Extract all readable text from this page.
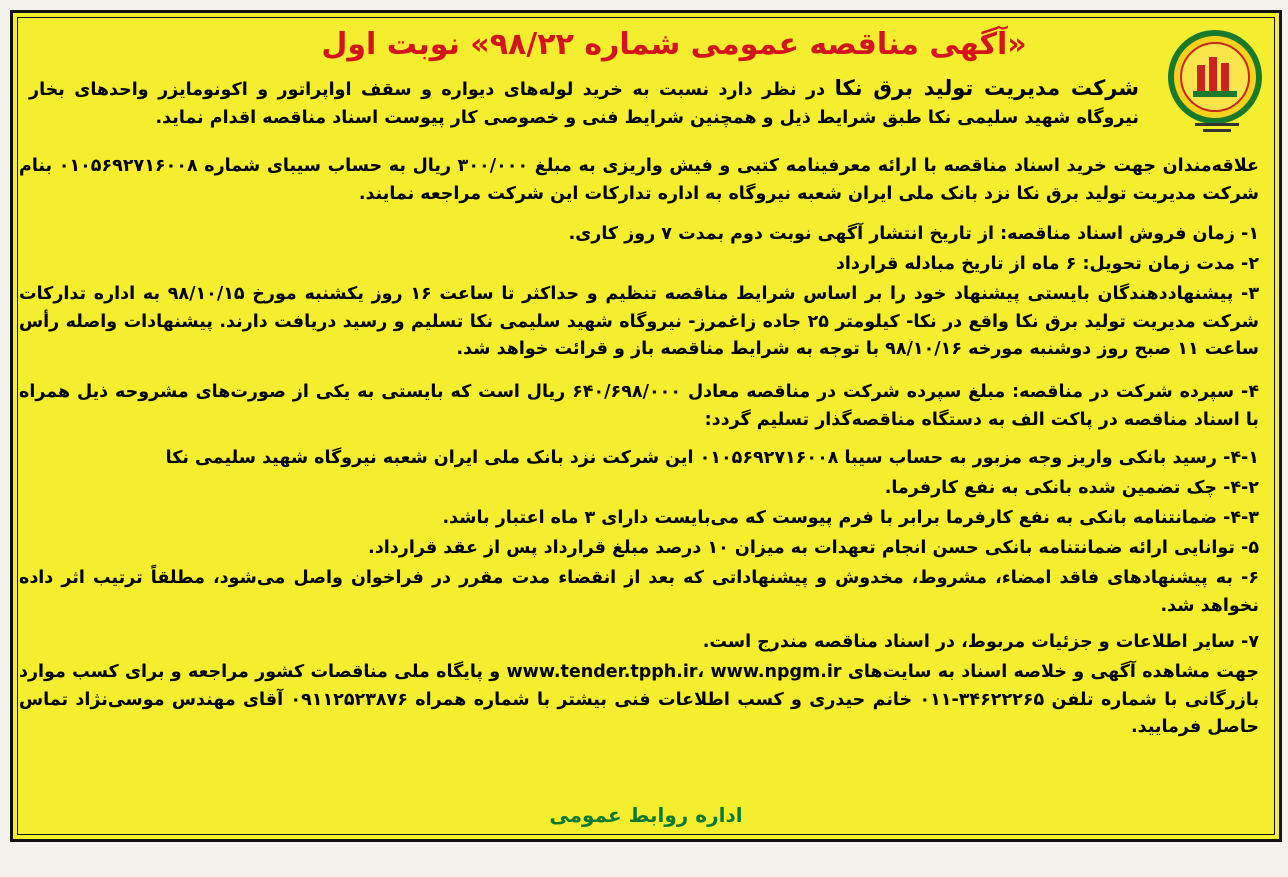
«آگهی مناقصه عمومی شماره ۹۸/۲۲» نوبت اول
شرکت مدیریت تولید برق نکا در نظر دارد نسبت به خرید لوله‌های دیواره و سقف اواپراتور و اکونومایزر واحدهای بخار نیروگاه شهید سلیمی نکا طبق شرایط ذیل و همچنین شرایط فنی و خصوصی کار پیوست اسناد مناقصه اقدام نماید.
علاقه‌مندان جهت خرید اسناد مناقصه با ارائه معرفینامه کتبی و فیش واریزی به مبلغ ۳۰۰/۰۰۰ ریال به حساب سیبای شماره ۰۱۰۵۶۹۲۷۱۶۰۰۸ بنام شرکت مدیریت تولید برق نکا نزد بانک ملی ایران شعبه نیروگاه به اداره تدارکات این شرکت مراجعه نمایند.
۱- زمان فروش اسناد مناقصه: از تاریخ انتشار آگهی نوبت دوم بمدت ۷ روز کاری.
۲- مدت زمان تحویل: ۶ ماه از تاریخ مبادله قرارداد
۳- پیشنهاددهندگان بایستی پیشنهاد خود را بر اساس شرایط مناقصه تنظیم و حداکثر تا ساعت ۱۶ روز یکشنبه مورخ ۹۸/۱۰/۱۵ به اداره تدارکات شرکت مدیریت تولید برق نکا واقع در نکا- کیلومتر ۲۵ جاده زاغمرز- نیروگاه شهید سلیمی نکا تسلیم و رسید دریافت دارند. پیشنهادات واصله رأس ساعت ۱۱ صبح روز دوشنبه مورخه ۹۸/۱۰/۱۶ با توجه به شرایط مناقصه باز و قرائت خواهد شد.
۴- سپرده شرکت در مناقصه: مبلغ سپرده شرکت در مناقصه معادل ۶۴۰/۶۹۸/۰۰۰ ریال است که بایستی به یکی از صورت‌های مشروحه ذیل همراه با اسناد مناقصه در پاکت الف به دستگاه مناقصه‌گذار تسلیم گردد:
۴-۱- رسید بانکی واریز وجه مزبور به حساب سیبا ۰۱۰۵۶۹۲۷۱۶۰۰۸ این شرکت نزد بانک ملی ایران شعبه نیروگاه شهید سلیمی نکا
۴-۲- چک تضمین شده بانکی به نفع کارفرما.
۴-۳- ضمانتنامه بانکی به نفع کارفرما برابر با فرم پیوست که می‌بایست دارای ۳ ماه اعتبار باشد.
۵- توانایی ارائه ضمانتنامه بانکی حسن انجام تعهدات به میزان ۱۰ درصد مبلغ قرارداد پس از عقد قرارداد.
۶- به پیشنهادهای فاقد امضاء، مشروط، مخدوش و پیشنهاداتی که بعد از انقضاء مدت مقرر در فراخوان واصل می‌شود، مطلقاً ترتیب اثر داده نخواهد شد.
۷- سایر اطلاعات و جزئیات مربوط، در اسناد مناقصه مندرج است.
جهت مشاهده آگهی و خلاصه اسناد به سایت‌های www.tender.tpph.ir، www.npgm.ir و پایگاه ملی مناقصات کشور مراجعه و برای کسب موارد بازرگانی با شماره تلفن ۳۴۶۲۲۲۶۵-۰۱۱ خانم حیدری و کسب اطلاعات فنی بیشتر با شماره همراه ۰۹۱۱۲۵۲۳۸۷۶ آقای مهندس موسی‌نژاد تماس حاصل فرمایید.
اداره روابط عمومی
